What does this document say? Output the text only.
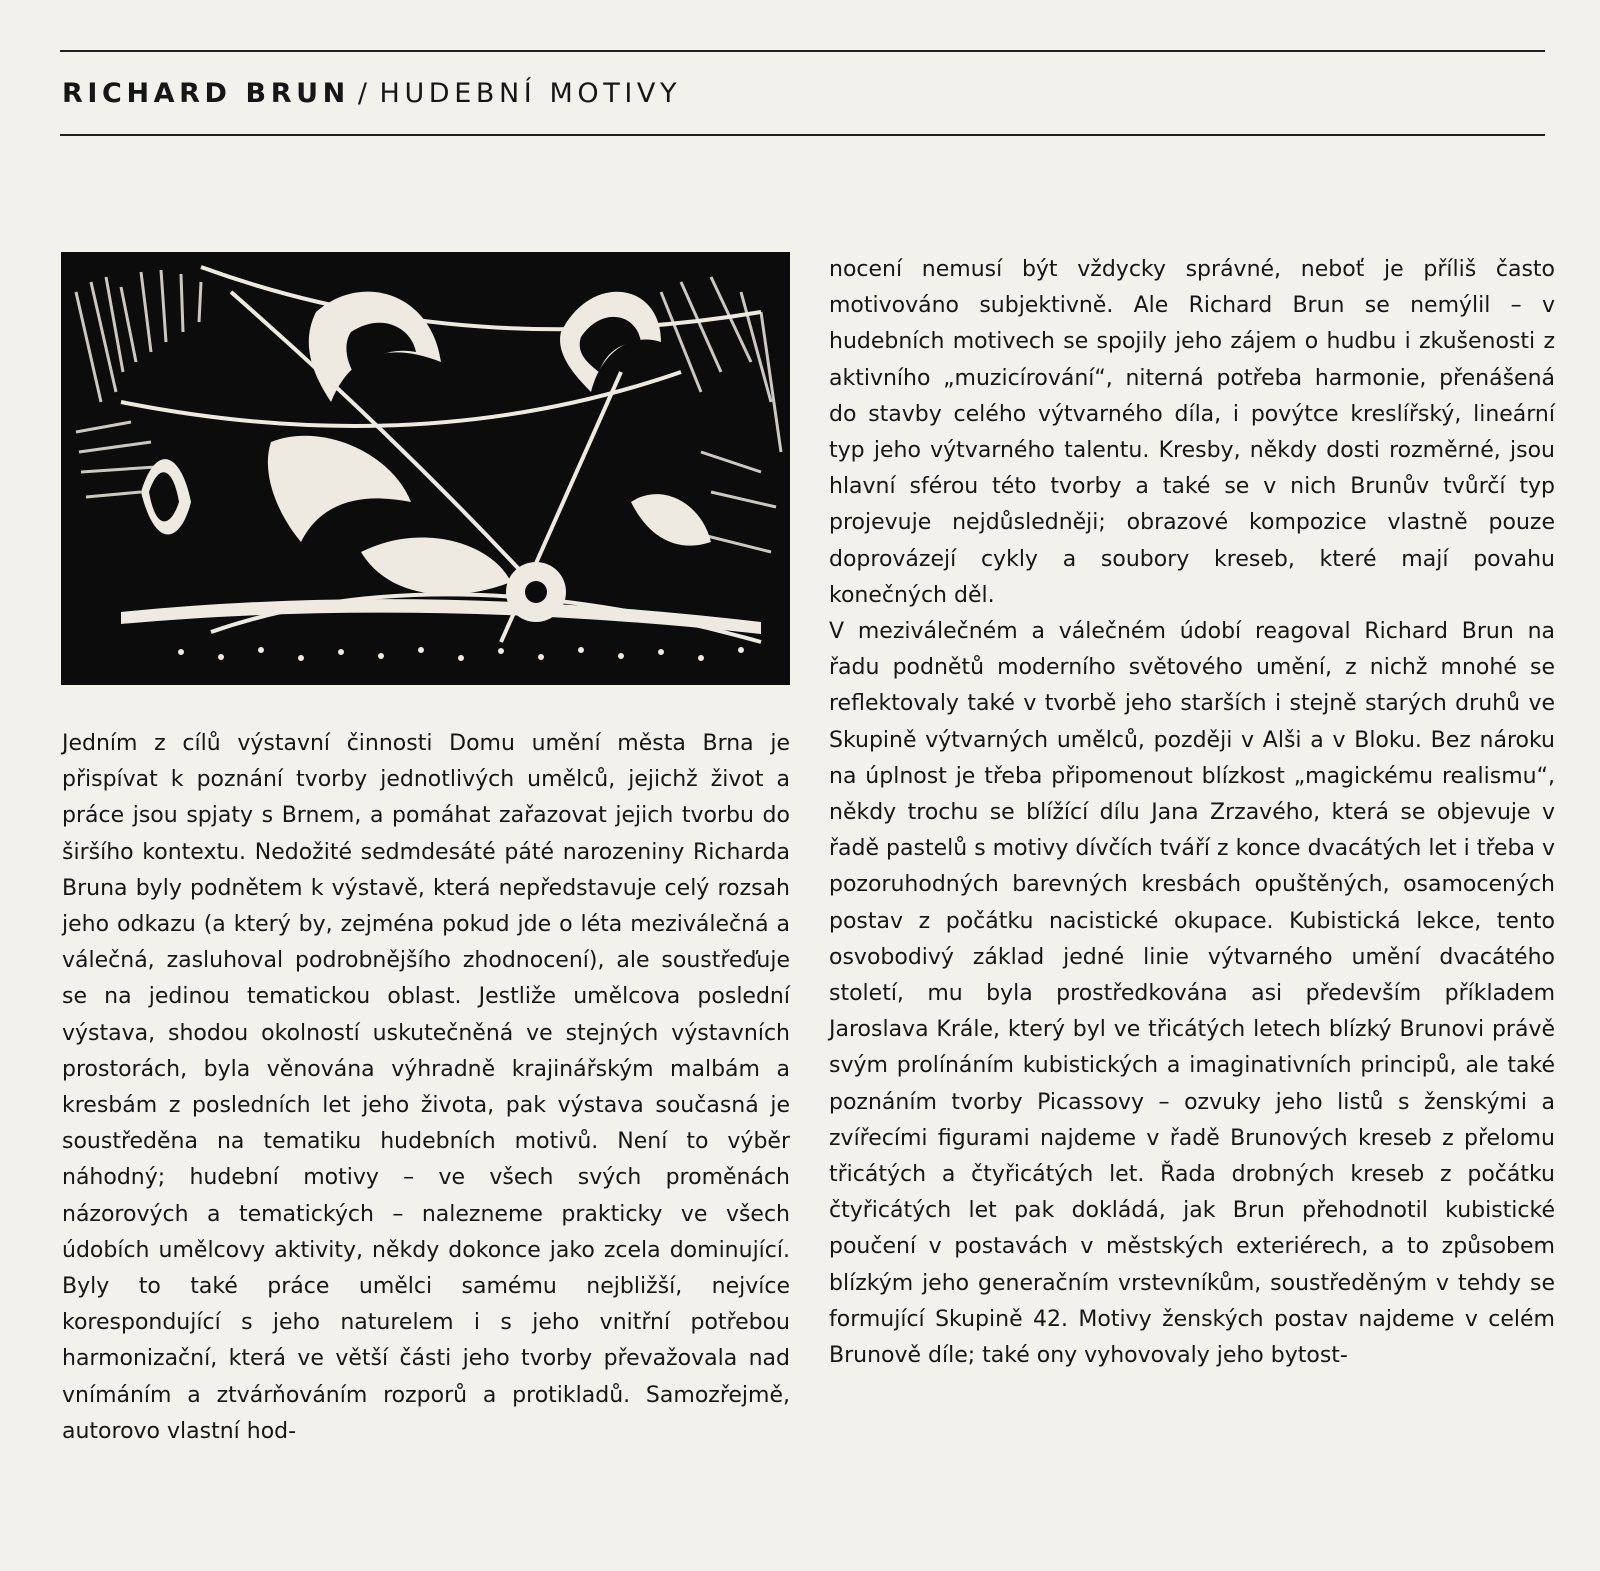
RICHARD BRUN / HUDEBNÍ MOTIVY

Jedním z cílů výstavní činnosti Domu umění města Brna je přispívat k poznání tvorby jednotlivých umělců, jejichž život a práce jsou spjaty s Brnem, a pomáhat zařazovat jejich tvorbu do širšího kontextu. Nedožité sedmdesáté páté narozeniny Richarda Bruna byly podnětem k výstavě, která nepředstavuje celý rozsah jeho odkazu (a který by, zejména pokud jde o léta meziválečná a válečná, zasluhoval podrobnějšího zhodnocení), ale soustřeďuje se na jedinou tematickou oblast. Jestliže umělcova poslední výstava, shodou okolností uskutečněná ve stejných výstavních prostorách, byla věnována výhradně krajinářským malbám a kresbám z posledních let jeho života, pak výstava současná je soustředěna na tematiku hudebních motivů. Není to výběr náhodný; hudební motivy – ve všech svých proměnách názorových a tematických – nalezneme prakticky ve všech údobích umělcovy aktivity, někdy dokonce jako zcela dominující. Byly to také práce umělci samému nejbližší, nejvíce korespondující s jeho naturelem i s jeho vnitřní potřebou harmonizační, která ve větší části jeho tvorby převažovala nad vnímáním a ztvárňováním rozporů a protikladů. Samozřejmě, autorovo vlastní hod-

nocení nemusí být vždycky správné, neboť je příliš často motivováno subjektivně. Ale Richard Brun se nemýlil – v hudebních motivech se spojily jeho zájem o hudbu i zkušenosti z aktivního „muzicírování“, niterná potřeba harmonie, přenášená do stavby celého výtvarného díla, i povýtce kreslířský, lineární typ jeho výtvarného talentu. Kresby, někdy dosti rozměrné, jsou hlavní sférou této tvorby a také se v nich Brunův tvůrčí typ projevuje nejdůsledněji; obrazové kompozice vlastně pouze doprovázejí cykly a soubory kreseb, které mají povahu konečných děl.

V meziválečném a válečném údobí reagoval Richard Brun na řadu podnětů moderního světového umění, z nichž mnohé se reflektovaly také v tvorbě jeho starších i stejně starých druhů ve Skupině výtvarných umělců, později v Alši a v Bloku. Bez nároku na úplnost je třeba připomenout blízkost „magickému realismu“, někdy trochu se blížící dílu Jana Zrzavého, která se objevuje v řadě pastelů s motivy dívčích tváří z konce dvacátých let i třeba v pozoruhodných barevných kresbách opuštěných, osamocených postav z počátku nacistické okupace. Kubistická lekce, tento osvobodivý základ jedné linie výtvarného umění dvacátého století, mu byla prostředkována asi především příkladem Jaroslava Krále, který byl ve třicátých letech blízký Brunovi právě svým prolínáním kubistických a imaginativních principů, ale také poznáním tvorby Picassovy – ozvuky jeho listů s ženskými a zvířecími figurami najdeme v řadě Brunových kreseb z přelomu třicátých a čtyřicátých let. Řada drobných kreseb z počátku čtyřicátých let pak dokládá, jak Brun přehodnotil kubistické poučení v postavách v městských exteriérech, a to způsobem blízkým jeho generačním vrstevníkům, soustředěným v tehdy se formující Skupině 42. Motivy ženských postav najdeme v celém Brunově díle; také ony vyhovovaly jeho bytost-
